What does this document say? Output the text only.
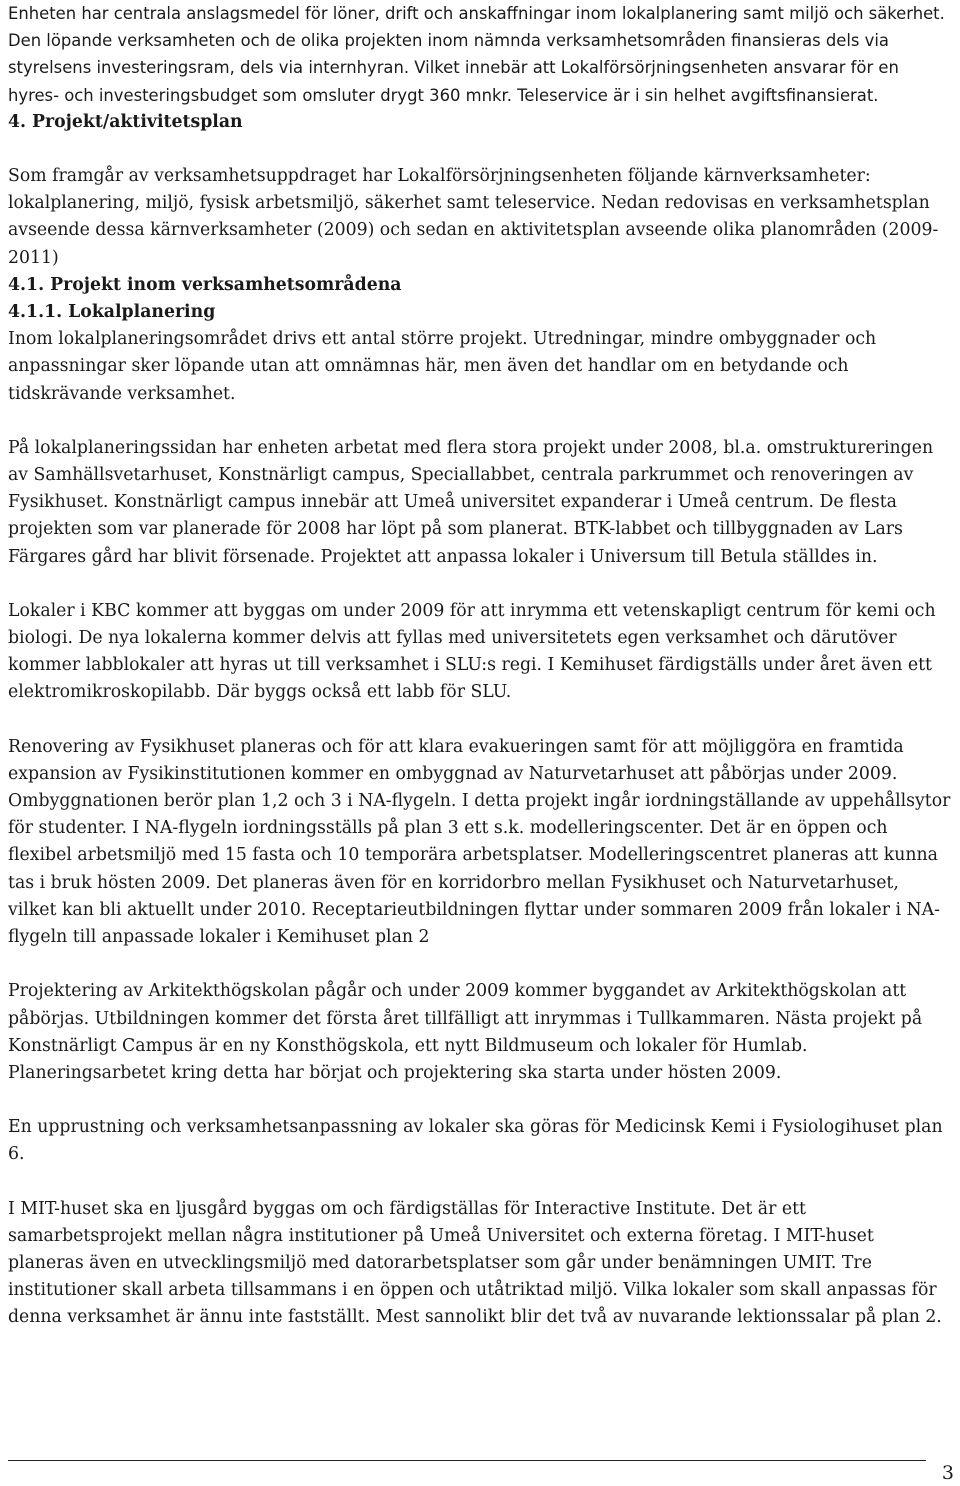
Enheten har centrala anslagsmedel för löner, drift och anskaffningar inom lokalplanering samt miljö och säkerhet. Den löpande verksamheten och de olika projekten inom nämnda verksamhetsområden finansieras dels via styrelsens investeringsram, dels via internhyran. Vilket innebär att Lokalförsörjningsenheten ansvarar för en hyres- och investeringsbudget som omsluter drygt 360 mnkr. Teleservice är i sin helhet avgiftsfinansierat.

4. Projekt/aktivitetsplan

Som framgår av verksamhetsuppdraget har Lokalförsörjningsenheten följande kärnverksamheter: lokalplanering, miljö, fysisk arbetsmiljö, säkerhet samt teleservice. Nedan redovisas en verksamhetsplan avseende dessa kärnverksamheter (2009) och sedan en aktivitetsplan avseende olika planområden (2009-2011)

4.1. Projekt inom verksamhetsområdena
4.1.1. Lokalplanering

Inom lokalplaneringsområdet drivs ett antal större projekt. Utredningar, mindre ombyggnader och anpassningar sker löpande utan att omnämnas här, men även det handlar om en betydande och tidskrävande verksamhet.

På lokalplaneringssidan har enheten arbetat med flera stora projekt under 2008, bl.a. omstruktureringen av Samhällsvetarhuset, Konstnärligt campus, Speciallabbet, centrala parkrummet och renoveringen av Fysikhuset. Konstnärligt campus innebär att Umeå universitet expanderar i Umeå centrum. De flesta projekten som var planerade för 2008 har löpt på som planerat. BTK-labbet och tillbyggnaden av Lars Färgares gård har blivit försenade. Projektet att anpassa lokaler i Universum till Betula ställdes in.

Lokaler i KBC kommer att byggas om under 2009 för att inrymma ett vetenskapligt centrum för kemi och biologi. De nya lokalerna kommer delvis att fyllas med universitetets egen verksamhet och därutöver kommer labblokaler att hyras ut till verksamhet i SLU:s regi. I Kemihuset färdigställs under året även ett elektromikroskopilabb. Där byggs också ett labb för SLU.

Renovering av Fysikhuset planeras och för att klara evakueringen samt för att möjliggöra en framtida expansion av Fysikinstitutionen kommer en ombyggnad av Naturvetarhuset att påbörjas under 2009. Ombyggnationen berör plan 1,2 och 3 i NA-flygeln. I detta projekt ingår iordningställande av uppehållsytor för studenter. I NA-flygeln iordningsställs på plan 3 ett s.k. modelleringscenter. Det är en öppen och flexibel arbetsmiljö med 15 fasta och 10 temporära arbetsplatser. Modelleringscentret planeras att kunna tas i bruk hösten 2009. Det planeras även för en korridorbro mellan Fysikhuset och Naturvetarhuset, vilket kan bli aktuellt under 2010. Receptarieutbildningen flyttar under sommaren 2009 från lokaler i NA-flygeln till anpassade lokaler i Kemihuset plan 2

Projektering av Arkitekthögskolan pågår och under 2009 kommer byggandet av Arkitekthögskolan att påbörjas. Utbildningen kommer det första året tillfälligt att inrymmas i Tullkammaren. Nästa projekt på Konstnärligt Campus är en ny Konsthögskola, ett nytt Bildmuseum och lokaler för Humlab. Planeringsarbetet kring detta har börjat och projektering ska starta under hösten 2009.

En upprustning och verksamhetsanpassning av lokaler ska göras för Medicinsk Kemi i Fysiologihuset plan 6.

I MIT-huset ska en ljusgård byggas om och färdigställas för Interactive Institute. Det är ett samarbetsprojekt mellan några institutioner på Umeå Universitet och externa företag. I MIT-huset planeras även en utvecklingsmiljö med datorarbetsplatser som går under benämningen UMIT. Tre institutioner skall arbeta tillsammans i en öppen och utåtriktad miljö. Vilka lokaler som skall anpassas för denna verksamhet är ännu inte fastställt. Mest sannolikt blir det två av nuvarande lektionssalar på plan 2.

3
